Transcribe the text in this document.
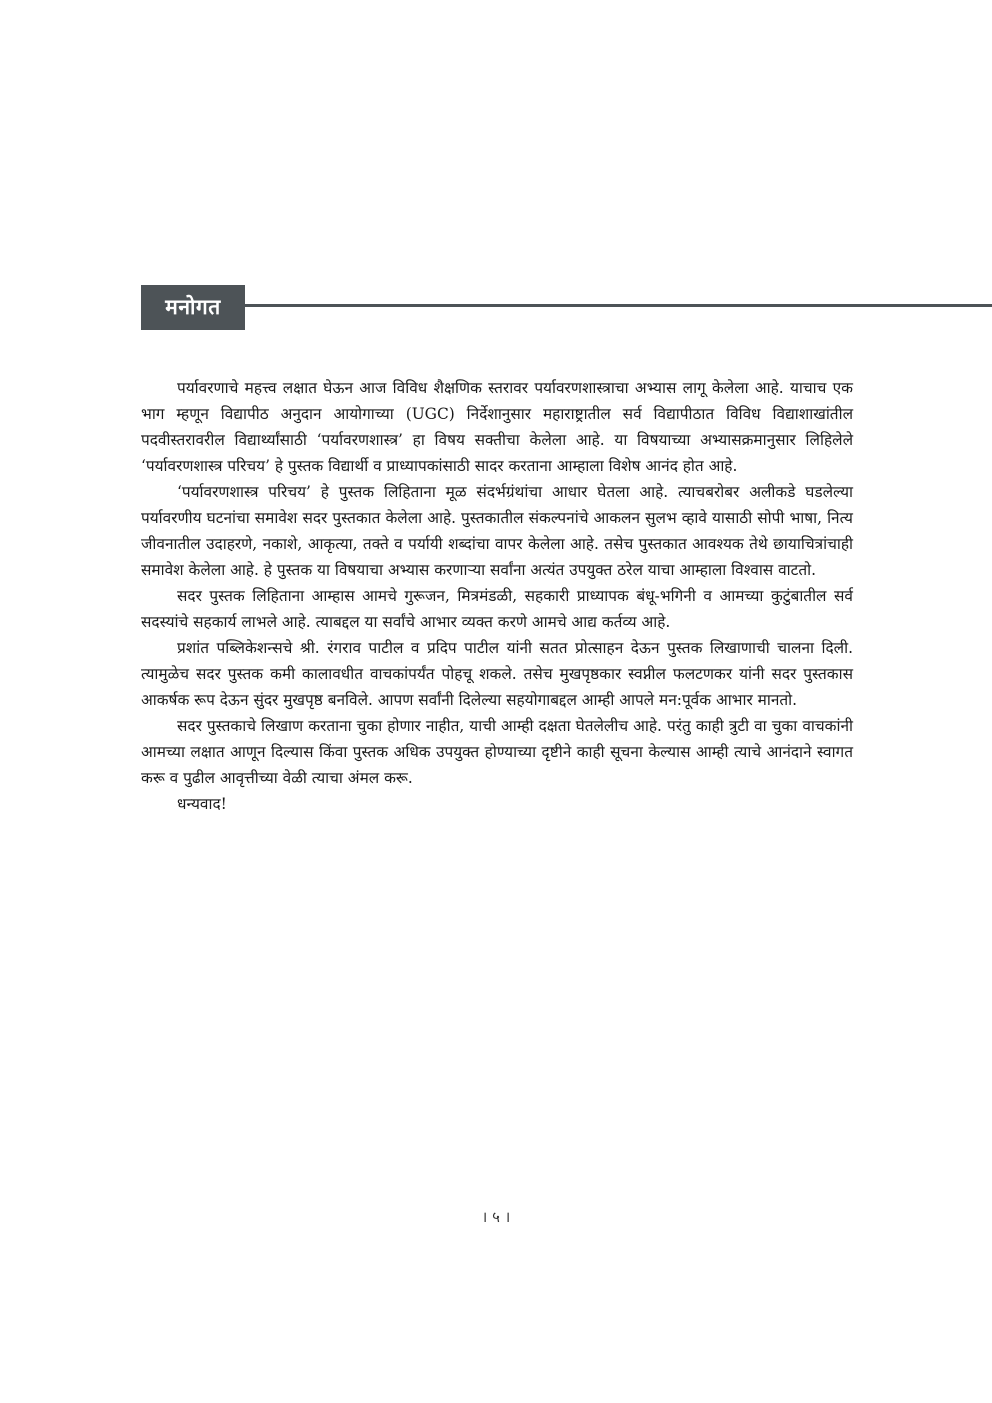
मनोगत

पर्यावरणाचे महत्त्व लक्षात घेऊन आज विविध शैक्षणिक स्तरावर पर्यावरणशास्त्राचा अभ्यास लागू केलेला आहे. याचाच एक भाग म्हणून विद्यापीठ अनुदान आयोगाच्या (UGC) निर्देशानुसार महाराष्ट्रातील सर्व विद्यापीठात विविध विद्याशाखांतील पदवीस्तरावरील विद्यार्थ्यांसाठी ‘पर्यावरणशास्त्र’ हा विषय सक्तीचा केलेला आहे. या विषयाच्या अभ्यासक्रमानुसार लिहिलेले ‘पर्यावरणशास्त्र परिचय’ हे पुस्तक विद्यार्थी व प्राध्यापकांसाठी सादर करताना आम्हाला विशेष आनंद होत आहे.

‘पर्यावरणशास्त्र परिचय’ हे पुस्तक लिहिताना मूळ संदर्भग्रंथांचा आधार घेतला आहे. त्याचबरोबर अलीकडे घडलेल्या पर्यावरणीय घटनांचा समावेश सदर पुस्तकात केलेला आहे. पुस्तकातील संकल्पनांचे आकलन सुलभ व्हावे यासाठी सोपी भाषा, नित्य जीवनातील उदाहरणे, नकाशे, आकृत्या, तक्ते व पर्यायी शब्दांचा वापर केलेला आहे. तसेच पुस्तकात आवश्यक तेथे छायाचित्रांचाही समावेश केलेला आहे. हे पुस्तक या विषयाचा अभ्यास करणाऱ्या सर्वांना अत्यंत उपयुक्त ठरेल याचा आम्हाला विश्वास वाटतो.

सदर पुस्तक लिहिताना आम्हास आमचे गुरूजन, मित्रमंडळी, सहकारी प्राध्यापक बंधू-भगिनी व आमच्या कुटुंबातील सर्व सदस्यांचे सहकार्य लाभले आहे. त्याबद्दल या सर्वांचे आभार व्यक्त करणे आमचे आद्य कर्तव्य आहे.

प्रशांत पब्लिकेशन्सचे श्री. रंगराव पाटील व प्रदिप पाटील यांनी सतत प्रोत्साहन देऊन पुस्तक लिखाणाची चालना दिली. त्यामुळेच सदर पुस्तक कमी कालावधीत वाचकांपर्यंत पोहचू शकले. तसेच मुखपृष्ठकार स्वप्नील फलटणकर यांनी सदर पुस्तकास आकर्षक रूप देऊन सुंदर मुखपृष्ठ बनविले. आपण सर्वांनी दिलेल्या सहयोगाबद्दल आम्ही आपले मन:पूर्वक आभार मानतो.

सदर पुस्तकाचे लिखाण करताना चुका होणार नाहीत, याची आम्ही दक्षता घेतलेलीच आहे. परंतु काही त्रुटी वा चुका वाचकांनी आमच्या लक्षात आणून दिल्यास किंवा पुस्तक अधिक उपयुक्त होण्याच्या दृष्टीने काही सूचना केल्यास आम्ही त्याचे आनंदाने स्वागत करू व पुढील आवृत्तीच्या वेळी त्याचा अंमल करू.

धन्यवाद!

। ५ ।
